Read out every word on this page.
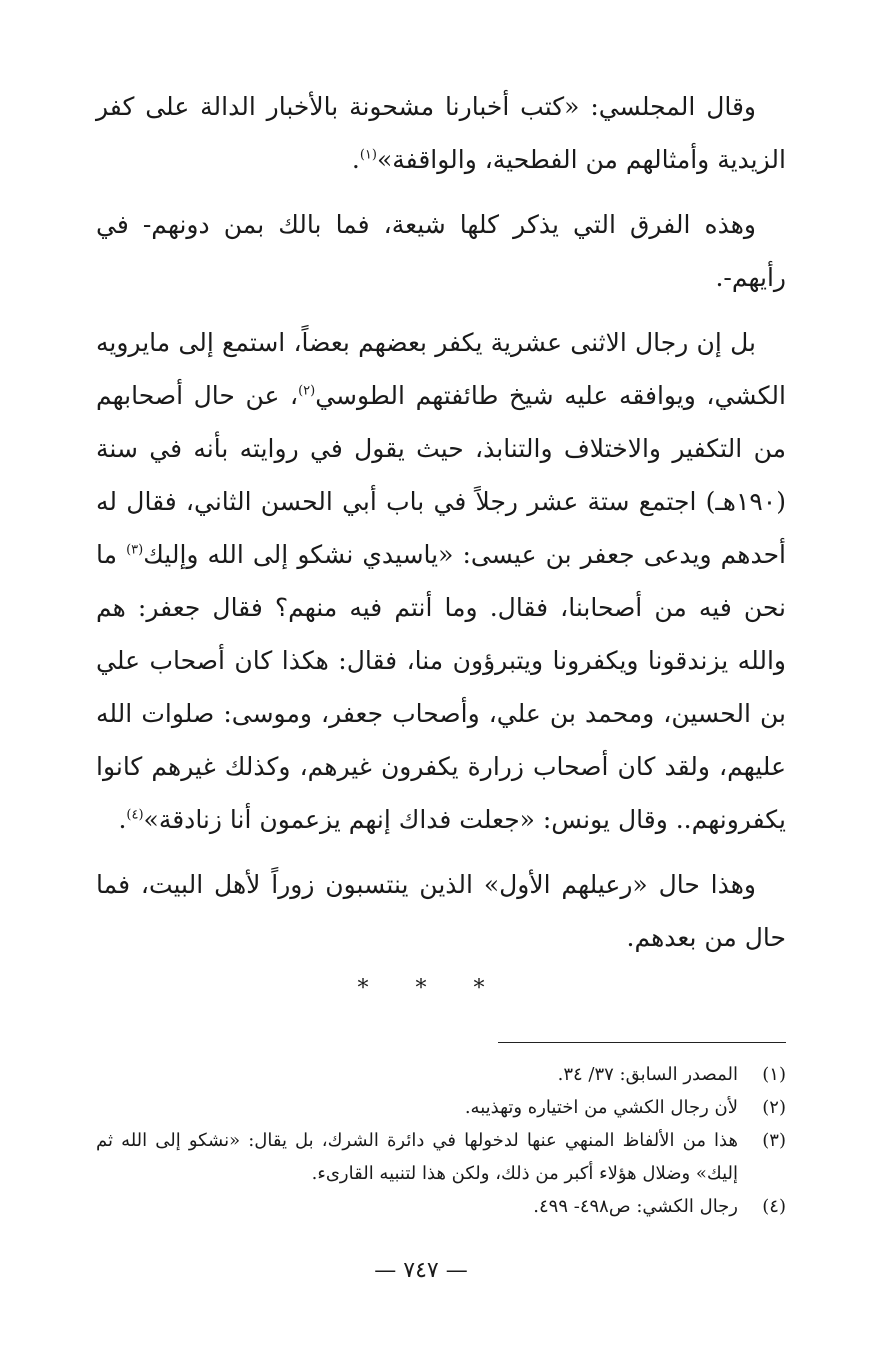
وقال المجلسي: «كتب أخبارنا مشحونة بالأخبار الدالة على كفر الزيدية وأمثالهم من الفطحية، والواقفة»$^{(١)}$.

وهذه الفرق التي يذكر كلها شيعة، فما بالك بمن دونهم- في رأيهم-.

بل إن رجال الاثنى عشرية يكفر بعضهم بعضاً، استمع إلى مايرويه الكشي، ويوافقه عليه شيخ طائفتهم الطوسي$^{(٢)}$، عن حال أصحابهم من التكفير والاختلاف والتنابذ، حيث يقول في روايته بأنه في سنة (١٩٠هـ) اجتمع ستة عشر رجلاً في باب أبي الحسن الثاني، فقال له أحدهم ويدعى جعفر بن عيسى: «ياسيدي نشكو إلى الله وإليك$^{(٣)}$ ما نحن فيه من أصحابنا، فقال. وما أنتم فيه منهم؟ فقال جعفر: هم والله يزندقونا ويكفرونا ويتبرؤون منا، فقال: هكذا كان أصحاب علي بن الحسين، ومحمد بن علي، وأصحاب جعفر، وموسى: صلوات الله عليهم، ولقد كان أصحاب زرارة يكفرون غيرهم، وكذلك غيرهم كانوا يكفرونهم.. وقال يونس: «جعلت فداك إنهم يزعمون أنا زنادقة»$^{(٤)}$.

وهذا حال «رعيلهم الأول» الذين ينتسبون زوراً لأهل البيت، فما حال من بعدهم.

* * *
(١)
المصدر السابق: ٣٧/ ٣٤.
(٢)
لأن رجال الكشي من اختياره وتهذيبه.
(٣)
هذا من الألفاظ المنهي عنها لدخولها في دائرة الشرك، بل يقال: «نشكو إلى الله ثم إليك» وضلال هؤلاء أكبر من ذلك، ولكن هذا لتنبيه القارىء.
(٤)
رجال الكشي: ص٤٩٨- ٤٩٩.
— ٧٤٧ —
